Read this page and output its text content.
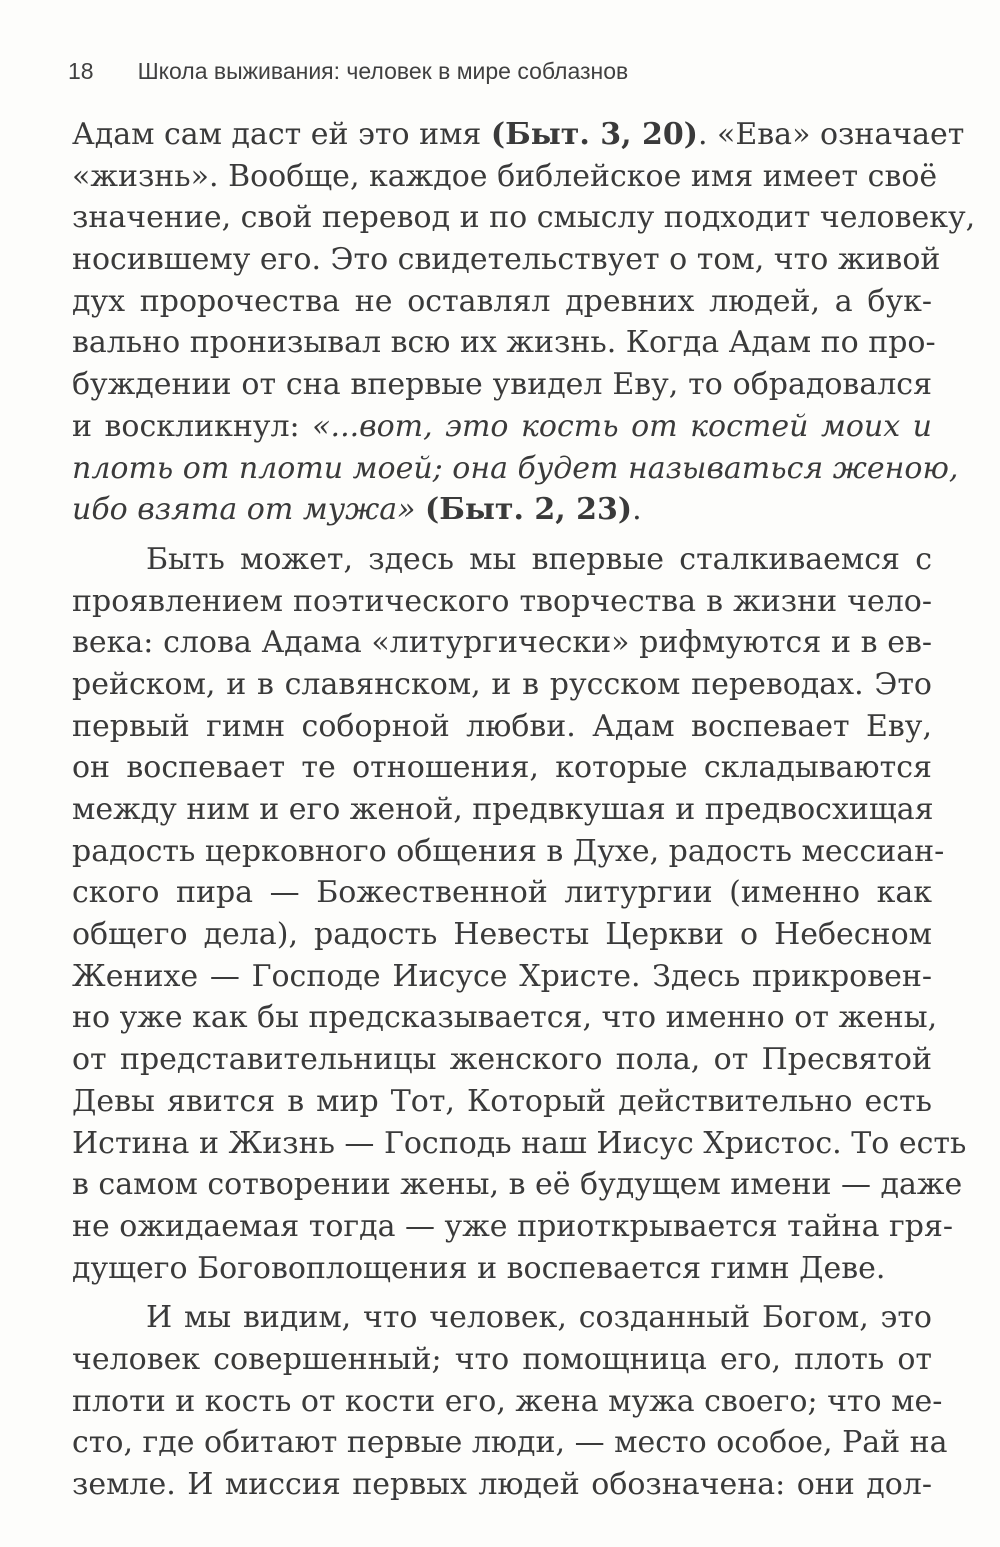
18 Школа выживания: человек в мире соблазнов

Адам сам даст ей это имя (Быт. 3, 20). «Ева» означает
«жизнь». Вообще, каждое библейское имя имеет своё
значение, свой перевод и по смыслу подходит человеку,
носившему его. Это свидетельствует о том, что живой
дух пророчества не оставлял древних людей, а бук-
вально пронизывал всю их жизнь. Когда Адам по про-
буждении от сна впервые увидел Еву, то обрадовался
и воскликнул: «...вот, это кость от костей моих и
плоть от плоти моей; она будет называться женою,
ибо взята от мужа» (Быт. 2, 23).

Быть может, здесь мы впервые сталкиваемся с
проявлением поэтического творчества в жизни чело-
века: слова Адама «литургически» рифмуются и в ев-
рейском, и в славянском, и в русском переводах. Это
первый гимн соборной любви. Адам воспевает Еву,
он воспевает те отношения, которые складываются
между ним и его женой, предвкушая и предвосхищая
радость церковного общения в Духе, радость мессиан-
ского пира — Божественной литургии (именно как
общего дела), радость Невесты Церкви о Небесном
Женихе — Господе Иисусе Христе. Здесь прикровен-
но уже как бы предсказывается, что именно от жены,
от представительницы женского пола, от Пресвятой
Девы явится в мир Тот, Который действительно есть
Истина и Жизнь — Господь наш Иисус Христос. То есть
в самом сотворении жены, в её будущем имени — даже
не ожидаемая тогда — уже приоткрывается тайна гря-
дущего Боговоплощения и воспевается гимн Деве.

И мы видим, что человек, созданный Богом, это
человек совершенный; что помощница его, плоть от
плоти и кость от кости его, жена мужа своего; что ме-
сто, где обитают первые люди, — место особое, Рай на
земле. И миссия первых людей обозначена: они дол-
